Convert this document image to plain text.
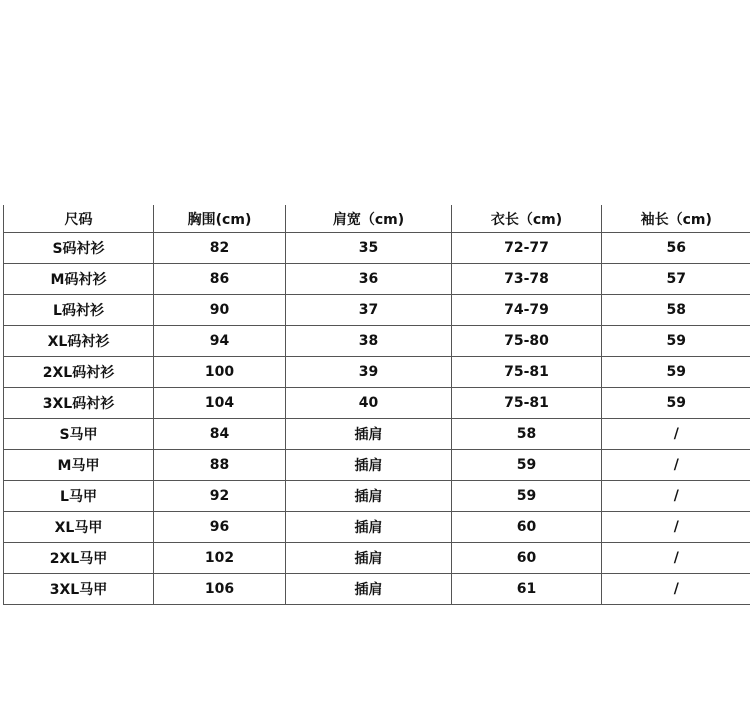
尺码	胸围(cm)	肩宽（cm)	衣长（cm)	袖长（cm)
S码衬衫	82	35	72-77	56
M码衬衫	86	36	73-78	57
L码衬衫	90	37	74-79	58
XL码衬衫	94	38	75-80	59
2XL码衬衫	100	39	75-81	59
3XL码衬衫	104	40	75-81	59
S马甲	84	插肩	58	/
M马甲	88	插肩	59	/
L马甲	92	插肩	59	/
XL马甲	96	插肩	60	/
2XL马甲	102	插肩	60	/
3XL马甲	106	插肩	61	/
